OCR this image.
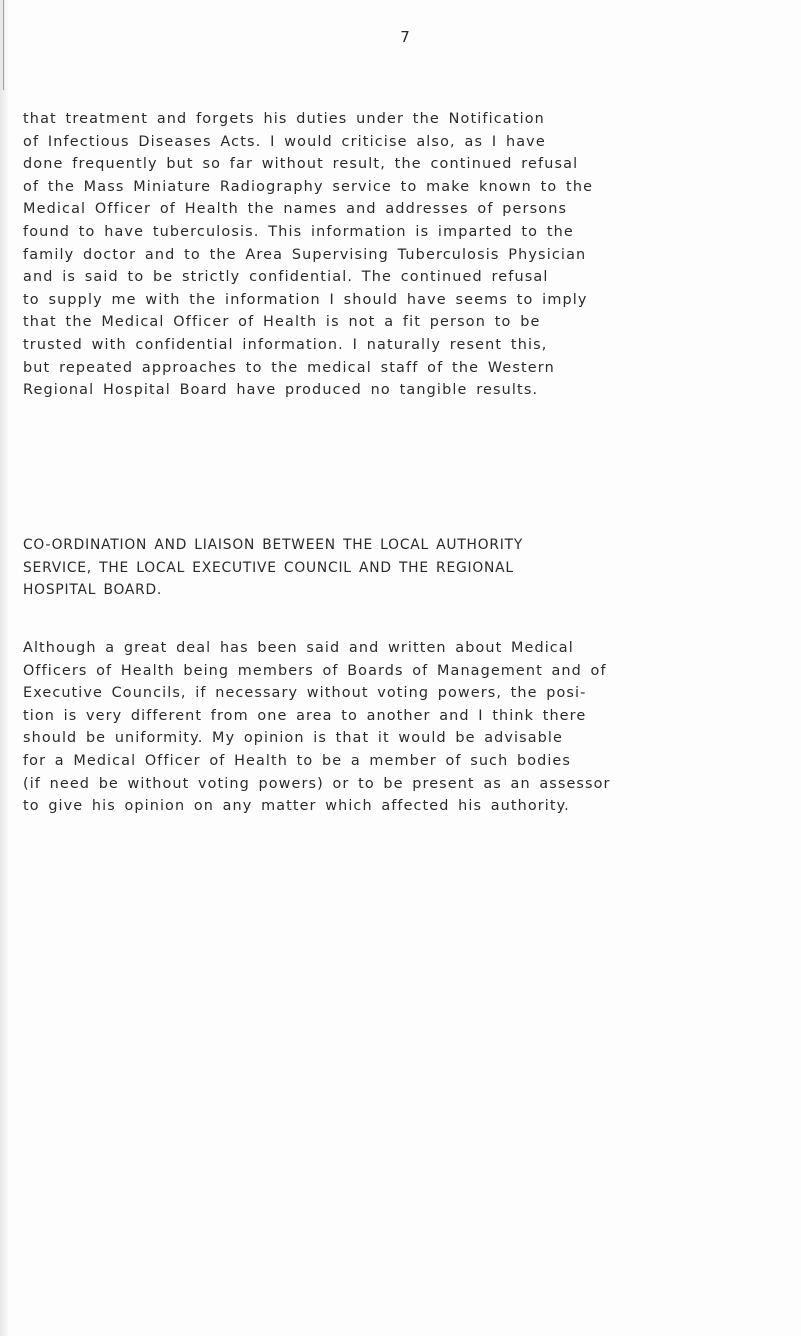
7
that treatment and forgets his duties under the Notification
of Infectious Diseases Acts. I would criticise also, as I have
done frequently but so far without result, the continued refusal
of the Mass Miniature Radiography service to make known to the
Medical Officer of Health the names and addresses of persons
found to have tuberculosis. This information is imparted to the
family doctor and to the Area Supervising Tuberculosis Physician
and is said to be strictly confidential. The continued refusal
to supply me with the information I should have seems to imply
that the Medical Officer of Health is not a fit person to be
trusted with confidential information. I naturally resent this,
but repeated approaches to the medical staff of the Western
Regional Hospital Board have produced no tangible results.
CO-ORDINATION AND LIAISON BETWEEN THE LOCAL AUTHORITY
SERVICE, THE LOCAL EXECUTIVE COUNCIL AND THE REGIONAL
HOSPITAL BOARD.
Although a great deal has been said and written about Medical
Officers of Health being members of Boards of Management and of
Executive Councils, if necessary without voting powers, the posi-
tion is very different from one area to another and I think there
should be uniformity. My opinion is that it would be advisable
for a Medical Officer of Health to be a member of such bodies
(if need be without voting powers) or to be present as an assessor
to give his opinion on any matter which affected his authority.
